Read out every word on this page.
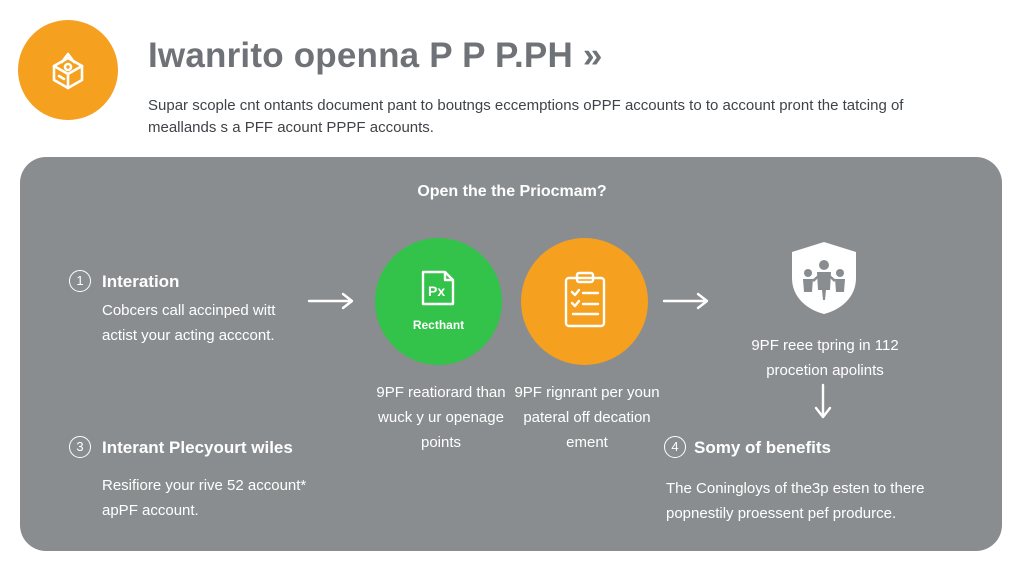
Iwanrito openna P P P.PH »
Supar scople cnt ontants document pant to boutngs eccemptions oPPF accounts to to account pront the tatcing of meallands s a PFF acount PPPF accounts.
Open the the Priocmam?
1	Interation
Cobcers call accinped witt actist your acting acccont.
Px
Recthant
9PF reatiorard than wuck y ur openage points
9PF rignrant per youn pateral off decation ement
9PF reee tpring in 112 procetion apolints
3	Interant Plecyourt wiles
Resifiore your rive 52 account* apPF account.
4 Somy of benefits
The Coningloys of the3p esten to there popnestily proessent pef produrce.
